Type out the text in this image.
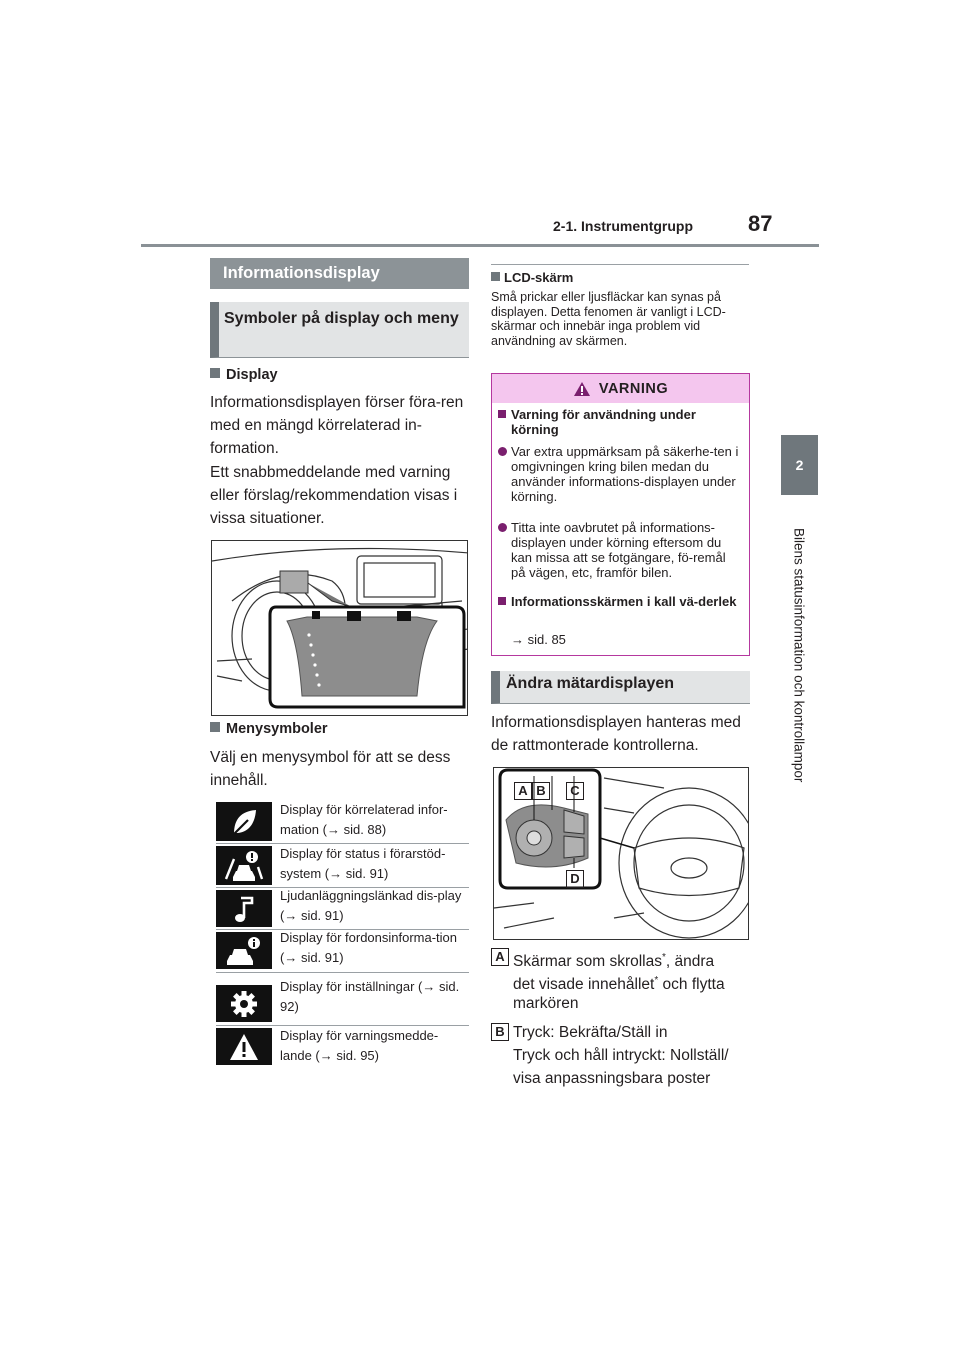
2-1. Instrumentgrupp 87
2
Bilens statusinformation och kontrollampor
Informationsdisplay
Symboler på display och meny
Display
Informationsdisplayen förser föra-ren med en mängd körrelaterad in-formation.
Ett snabbmeddelande med varning eller förslag/rekommendation visas i vissa situationer.
Menysymboler
Välj en menysymbol för att se dess innehåll.
Display för körrelaterad infor-mation (→ sid. 88)
Display för status i förarstöd-system (→ sid. 91)
Ljudanläggningslänkad dis-play (→ sid. 91)
Display för fordonsinforma-tion (→ sid. 91)
Display för inställningar (→ sid. 92)
Display för varningsmedde-lande (→ sid. 95)
LCD-skärm
Små prickar eller ljusfläckar kan synas på displayen. Detta fenomen är vanligt i LCD-skärmar och innebär inga problem vid användning av skärmen.
VARNING
Varning för användning under körning
Var extra uppmärksam på säkerhe-ten i omgivningen kring bilen medan du använder informations-displayen under körning.
Titta inte oavbrutet på informations-displayen under körning eftersom du kan missa att se fotgängare, fö-remål på vägen, etc, framför bilen.
Informationsskärmen i kall vä-derlek
→ sid. 85
Ändra mätardisplayen
Informationsdisplayen hanteras med de rattmonterade kontrollerna.
A B	C
D
A Skärmar som skrollas*, ändra
det visade innehållet* och flytta
markören
B Tryck: Bekräfta/Ställ in
Tryck och håll intryckt: Nollställ/
visa anpassningsbara poster
